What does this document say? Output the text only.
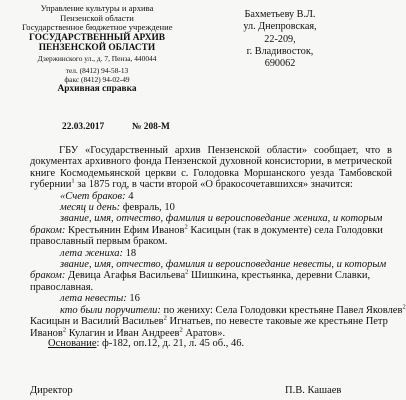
Управление культуры и архива
Пензенской области
Государственное бюджетное учреждение
ГОСУДАРСТВЕННЫЙ АРХИВ
ПЕНЗЕНСКОЙ ОБЛАСТИ
Дзержинского ул., д. 7, Пенза, 440044
тел. (8412) 94-58-13
факс (8412) 94-02-49
Архивная справка
Бахметьеву В.Л.
ул. Днепровская,
22-209,
г. Владивосток,
690062
22.03.2017	№ 208-М

ГБУ «Государственный архив Пензенской области» сообщает, что в документах архивного фонда Пензенской духовной консистории, в метрической книге Космодемьянской церкви с. Голодовка Моршанского уезда Тамбовской губернии$^1$ за 1875 год, в части второй «О бракосочетавшихся» значится:

«Счет браков: 4
месяц и день: февраль, 10
звание, имя, отчество, фамилия и вероисповедание жениха, и которым
браком: Крестьянин Ефим Иванов$^2$ Касицын (так в документе) села Голодовки
православный первым браком.
лета жениха: 18
звание, имя, отчество, фамилия и вероисповедание невесты, и которым
браком: Девица Агафья Васильева$^2$ Шишкина, крестьянка, деревни Славки,
православная.
лета невесты: 16
кто были поручители: по жениху: Села Голодовки крестьяне Павел Яковлев$^2$
Касицын и Василий Васильев$^2$ Игнатьев, по невесте таковые же крестьяне Петр
Иванов$^2$ Кулагин и Иван Андреев$^2$ Аратов».
Основание: ф-182, оп.12, д. 21, л. 45 об., 46.
Директор	П.В. Кашаев
